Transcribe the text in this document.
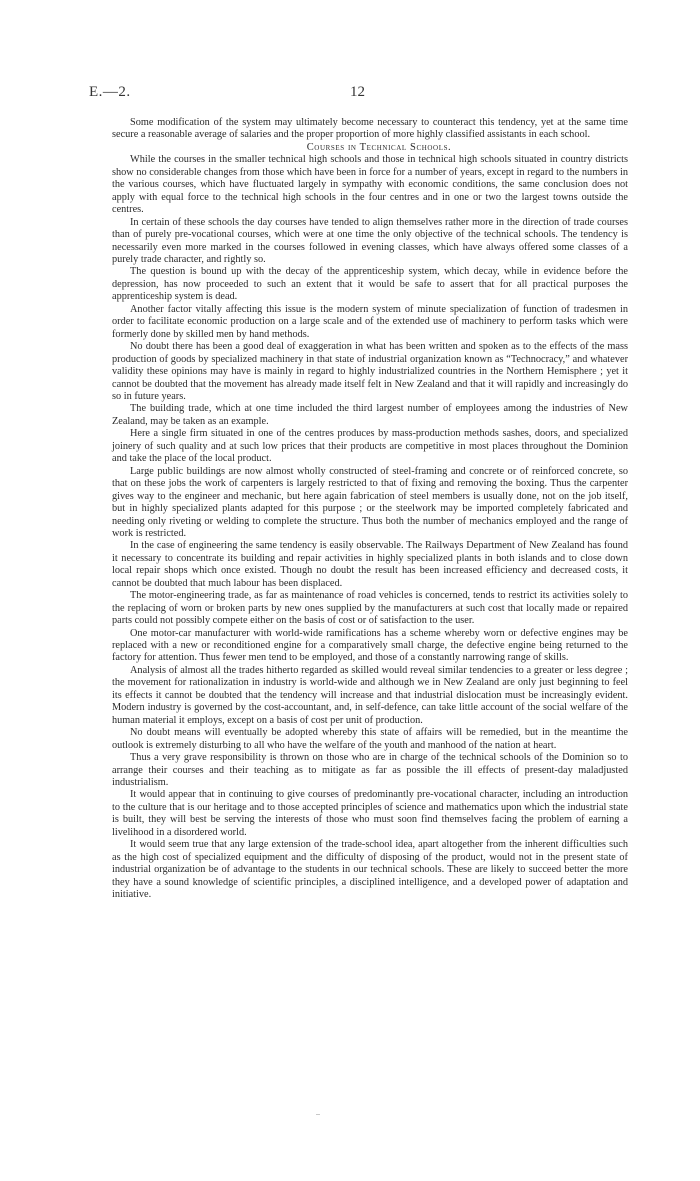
E.—2.	12

Some modification of the system may ultimately become necessary to counteract this tendency, yet at the same time secure a reasonable average of salaries and the proper proportion of more highly classified assistants in each school.

Courses in Technical Schools.

While the courses in the smaller technical high schools and those in technical high schools situated in country districts show no considerable changes from those which have been in force for a number of years, except in regard to the numbers in the various courses, which have fluctuated largely in sympathy with economic conditions, the same conclusion does not apply with equal force to the technical high schools in the four centres and in one or two the largest towns outside the centres.

In certain of these schools the day courses have tended to align themselves rather more in the direction of trade courses than of purely pre-vocational courses, which were at one time the only objective of the technical schools. The tendency is necessarily even more marked in the courses followed in evening classes, which have always offered some classes of a purely trade character, and rightly so.

The question is bound up with the decay of the apprenticeship system, which decay, while in evidence before the depression, has now proceeded to such an extent that it would be safe to assert that for all practical purposes the apprenticeship system is dead.

Another factor vitally affecting this issue is the modern system of minute specialization of function of tradesmen in order to facilitate economic production on a large scale and of the extended use of machinery to perform tasks which were formerly done by skilled men by hand methods.

No doubt there has been a good deal of exaggeration in what has been written and spoken as to the effects of the mass production of goods by specialized machinery in that state of industrial organization known as “Technocracy,” and whatever validity these opinions may have is mainly in regard to highly industrialized countries in the Northern Hemisphere ; yet it cannot be doubted that the movement has already made itself felt in New Zealand and that it will rapidly and increasingly do so in future years.

The building trade, which at one time included the third largest number of employees among the industries of New Zealand, may be taken as an example.

Here a single firm situated in one of the centres produces by mass-production methods sashes, doors, and specialized joinery of such quality and at such low prices that their products are competitive in most places throughout the Dominion and take the place of the local product.

Large public buildings are now almost wholly constructed of steel-framing and concrete or of reinforced concrete, so that on these jobs the work of carpenters is largely restricted to that of fixing and removing the boxing. Thus the carpenter gives way to the engineer and mechanic, but here again fabrication of steel members is usually done, not on the job itself, but in highly specialized plants adapted for this purpose ; or the steelwork may be imported completely fabricated and needing only riveting or welding to complete the structure. Thus both the number of mechanics employed and the range of work is restricted.

In the case of engineering the same tendency is easily observable. The Railways Department of New Zealand has found it necessary to concentrate its building and repair activities in highly specialized plants in both islands and to close down local repair shops which once existed. Though no doubt the result has been increased efficiency and decreased costs, it cannot be doubted that much labour has been displaced.

The motor-engineering trade, as far as maintenance of road vehicles is concerned, tends to restrict its activities solely to the replacing of worn or broken parts by new ones supplied by the manufacturers at such cost that locally made or repaired parts could not possibly compete either on the basis of cost or of satisfaction to the user.

One motor-car manufacturer with world-wide ramifications has a scheme whereby worn or defective engines may be replaced with a new or reconditioned engine for a comparatively small charge, the defective engine being returned to the factory for attention. Thus fewer men tend to be employed, and those of a constantly narrowing range of skills.

Analysis of almost all the trades hitherto regarded as skilled would reveal similar tendencies to a greater or less degree ; the movement for rationalization in industry is world-wide and although we in New Zealand are only just beginning to feel its effects it cannot be doubted that the tendency will increase and that industrial dislocation must be increasingly evident. Modern industry is governed by the cost-accountant, and, in self-defence, can take little account of the social welfare of the human material it employs, except on a basis of cost per unit of production.

No doubt means will eventually be adopted whereby this state of affairs will be remedied, but in the meantime the outlook is extremely disturbing to all who have the welfare of the youth and manhood of the nation at heart.

Thus a very grave responsibility is thrown on those who are in charge of the technical schools of the Dominion so to arrange their courses and their teaching as to mitigate as far as possible the ill effects of present-day maladjusted industrialism.

It would appear that in continuing to give courses of predominantly pre-vocational character, including an introduction to the culture that is our heritage and to those accepted principles of science and mathematics upon which the industrial state is built, they will best be serving the interests of those who must soon find themselves facing the problem of earning a livelihood in a disordered world.

It would seem true that any large extension of the trade-school idea, apart altogether from the inherent difficulties such as the high cost of specialized equipment and the difficulty of disposing of the product, would not in the present state of industrial organization be of advantage to the students in our technical schools. These are likely to succeed better the more they have a sound knowledge of scientific principles, a disciplined intelligence, and a developed power of adaptation and initiative.
